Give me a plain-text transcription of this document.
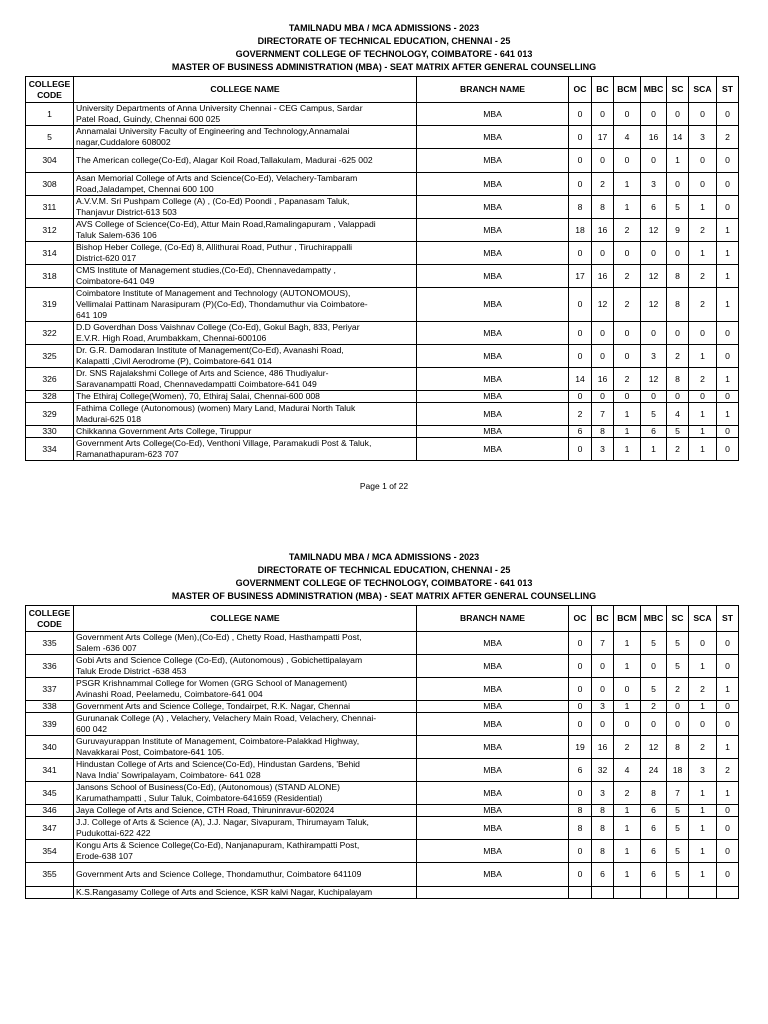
TAMILNADU MBA / MCA ADMISSIONS - 2023
DIRECTORATE OF TECHNICAL EDUCATION, CHENNAI - 25
GOVERNMENT COLLEGE OF TECHNOLOGY, COIMBATORE - 641 013
MASTER OF BUSINESS ADMINISTRATION (MBA) - SEAT MATRIX AFTER GENERAL COUNSELLING
COLLEGE
CODE	COLLEGE NAME	BRANCH NAME	OC	BC	BCM	MBC	SC	SCA	ST
1	University Departments of Anna University Chennai - CEG Campus, Sardar
Patel Road, Guindy, Chennai 600 025	MBA	0	0	0	0	0	0	0
5	Annamalai University Faculty of Engineering and Technology,Annamalai
nagar,Cuddalore 608002	MBA	0	17	4	16	14	3	2
304	The American college(Co-Ed), Alagar Koil Road,Tallakulam, Madurai -625 002	MBA	0	0	0	0	1	0	0
308	Asan Memorial College of Arts and Science(Co-Ed), Velachery-Tambaram
Road,Jaladampet, Chennai 600 100	MBA	0	2	1	3	0	0	0
311	A.V.V.M. Sri Pushpam College (A) , (Co-Ed) Poondi , Papanasam Taluk,
Thanjavur District-613 503	MBA	8	8	1	6	5	1	0
312	AVS College of Science(Co-Ed), Attur Main Road,Ramalingapuram , Valappadi
Taluk Salem-636 106	MBA	18	16	2	12	9	2	1
314	Bishop Heber College, (Co-Ed) 8, Allithurai Road, Puthur , Tiruchirappalli
District-620 017	MBA	0	0	0	0	0	1	1
318	CMS Institute of Management studies,(Co-Ed), Chennavedampatty ,
Coimbatore-641 049	MBA	17	16	2	12	8	2	1
319	Coimbatore Institute of Management and Technology (AUTONOMOUS),
Vellimalai Pattinam Narasipuram (P)(Co-Ed), Thondamuthur via Coimbatore-
641 109	MBA	0	12	2	12	8	2	1
322	D.D Goverdhan Doss Vaishnav College (Co-Ed), Gokul Bagh, 833, Periyar
E.V.R. High Road, Arumbakkam, Chennai-600106	MBA	0	0	0	0	0	0	0
325	Dr. G.R. Damodaran Institute of Management(Co-Ed), Avanashi Road,
Kalapatti ,Civil Aerodrome (P), Coimbatore-641 014	MBA	0	0	0	3	2	1	0
326	Dr. SNS Rajalakshmi College of Arts and Science, 486 Thudiyalur-
Saravanampatti Road, Chennavedampatti Coimbatore-641 049	MBA	14	16	2	12	8	2	1
328	The Ethiraj College(Women), 70, Ethiraj Salai, Chennai-600 008	MBA	0	0	0	0	0	0	0
329	Fathima College (Autonomous) (women) Mary Land, Madurai North Taluk
Madurai-625 018	MBA	2	7	1	5	4	1	1
330	Chikkanna Government Arts College, Tiruppur	MBA	6	8	1	6	5	1	0
334	Government Arts College(Co-Ed), Venthoni Village, Paramakudi Post & Taluk,
Ramanathapuram-623 707	MBA	0	3	1	1	2	1	0
Page 1 of 22
TAMILNADU MBA / MCA ADMISSIONS - 2023
DIRECTORATE OF TECHNICAL EDUCATION, CHENNAI - 25
GOVERNMENT COLLEGE OF TECHNOLOGY, COIMBATORE - 641 013
MASTER OF BUSINESS ADMINISTRATION (MBA) - SEAT MATRIX AFTER GENERAL COUNSELLING
COLLEGE
CODE	COLLEGE NAME	BRANCH NAME	OC	BC	BCM	MBC	SC	SCA	ST
335	Government Arts College (Men),(Co-Ed) , Chetty Road, Hasthampatti Post,
Salem -636 007	MBA	0	7	1	5	5	0	0
336	Gobi Arts and Science College (Co-Ed), (Autonomous) , Gobichettipalayam
Taluk Erode District -638 453	MBA	0	0	1	0	5	1	0
337	PSGR Krishnammal College for Women (GRG School of Management)
Avinashi Road, Peelamedu, Coimbatore-641 004	MBA	0	0	0	5	2	2	1
338	Government Arts and Science College, Tondairpet, R.K. Nagar, Chennai	MBA	0	3	1	2	0	1	0
339	Gurunanak College (A) , Velachery, Velachery Main Road, Velachery, Chennai-
600 042	MBA	0	0	0	0	0	0	0
340	Guruvayurappan Institute of Management, Coimbatore-Palakkad Highway,
Navakkarai Post, Coimbatore-641 105.	MBA	19	16	2	12	8	2	1
341	Hindustan College of Arts and Science(Co-Ed), Hindustan Gardens, 'Behid
Nava India' Sowripalayam, Coimbatore- 641 028	MBA	6	32	4	24	18	3	2
345	Jansons School of Business(Co-Ed), (Autonomous) (STAND ALONE)
Karumathampatti , Sulur Taluk, Coimbatore-641659 (Residential)	MBA	0	3	2	8	7	1	1
346	Jaya College of Arts and Science, CTH Road, Thiruninravur-602024	MBA	8	8	1	6	5	1	0
347	J.J. College of Arts & Science (A), J.J. Nagar, Sivapuram, Thirumayam Taluk,
Pudukottai-622 422	MBA	8	8	1	6	5	1	0
354	Kongu Arts & Science College(Co-Ed), Nanjanapuram, Kathirampatti Post,
Erode-638 107	MBA	0	8	1	6	5	1	0
355	Government Arts and Science College, Thondamuthur, Coimbatore 641109	MBA	0	6	1	6	5	1	0
	K.S.Rangasamy College of Arts and Science, KSR kalvi Nagar, Kuchipalayam								
